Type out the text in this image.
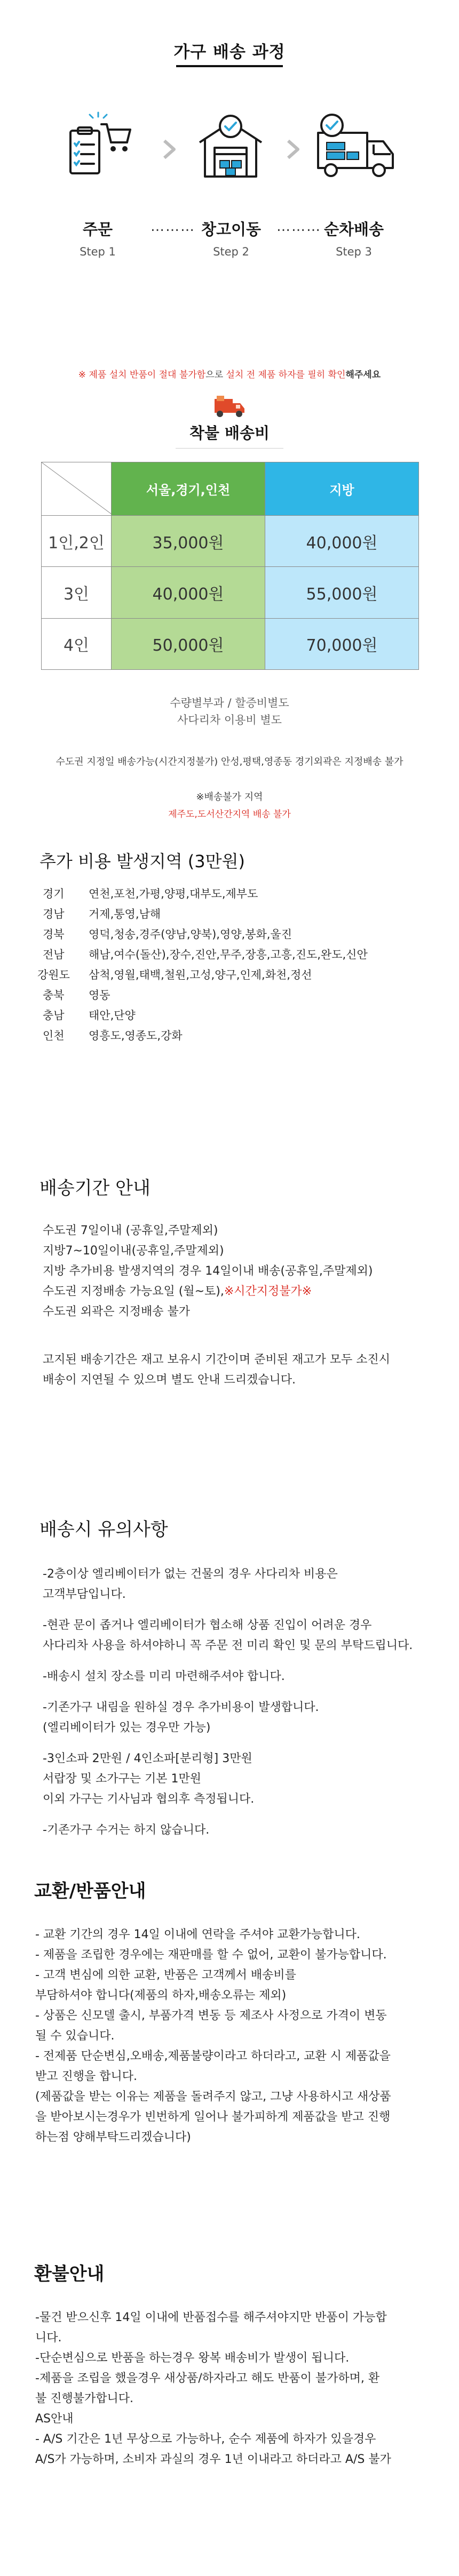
가구 배송 과정
주문
Step 1
……… 창고이동
Step 2
……… 순차배송
Step 3
※ 제품 설치 반품이 절대 불가함으로 설치 전 제품 하자를 필히 확인해주세요
착불 배송비
	서울,경기,인천	지방
1인,2인	35,000원	40,000원
3인	40,000원	55,000원
4인	50,000원	70,000원
수량별부과 / 할증비별도
사다리차 이용비 별도
수도권 지정일 배송가능(시간지정불가) 안성,평택,영종동 경기외곽은 지정배송 불가
※배송불가 지역
제주도,도서산간지역 배송 불가
추가 비용 발생지역 (3만원)
경기	연천,포천,가평,양평,대부도,제부도
경남	거제,통영,남해
경북	영덕,청송,경주(양남,양북),영양,봉화,울진
전남	해남,여수(돌산),장수,진안,무주,장흥,고흥,진도,완도,신안
강원도	삼척,영월,태백,철원,고성,양구,인제,화천,정선
충북	영동
충남	태안,단양
인천	영흥도,영종도,강화
배송기간 안내
수도권 7일이내 (공휴일,주말제외)
지방7~10일이내(공휴일,주말제외)
지방 추가비용 발생지역의 경우 14일이내 배송(공휴일,주말제외)
수도권 지정배송 가능요일 (월~토),※시간지정불가※
수도권 외곽은 지정배송 불가
고지된 배송기간은 재고 보유시 기간이며 준비된 재고가 모두 소진시
배송이 지연될 수 있으며 별도 안내 드리겠습니다.
배송시 유의사항
-2층이상 엘리베이터가 없는 건물의 경우 사다리차 비용은
고객부담입니다.
-현관 문이 좁거나 엘리베이터가 협소해 상품 진입이 어려운 경우
사다리차 사용을 하셔야하니 꼭 주문 전 미리 확인 및 문의 부탁드립니다.
-배송시 설치 장소를 미리 마련해주셔야 합니다.
-기존가구 내림을 원하실 경우 추가비용이 발생합니다.
(엘리베이터가 있는 경우만 가능)
-3인소파 2만원 / 4인소파[분리형] 3만원
서랍장 및 소가구는 기본 1만원
이외 가구는 기사님과 협의후 측정됩니다.
-기존가구 수거는 하지 않습니다.
교환/반품안내
- 교환 기간의 경우 14일 이내에 연락을 주셔야 교환가능합니다.
- 제품을 조립한 경우에는 재판매를 할 수 없어, 교환이 불가능합니다.
- 고객 변심에 의한 교환, 반품은 고객께서 배송비를
부담하셔야 합니다(제품의 하자,배송오류는 제외)
- 상품은 신모델 출시, 부품가격 변동 등 제조사 사정으로 가격이 변동
될 수 있습니다.
- 전제품 단순변심,오배송,제품불량이라고 하더라고, 교환 시 제품값을
받고 진행을 합니다.
(제품값을 받는 이유는 제품을 돌려주지 않고, 그냥 사용하시고 새상품
을 받아보시는경우가 빈번하게 일어나 불가피하게 제품값을 받고 진행
하는점 양해부탁드리겠습니다)
환불안내
-물건 받으신후 14일 이내에 반품접수를 해주셔야지만 반품이 가능합
니다.
-단순변심으로 반품을 하는경우 왕복 배송비가 발생이 됩니다.
-제품을 조립을 했을경우 새상품/하자라고 해도 반품이 불가하며, 환
불 진행불가합니다.
AS안내
- A/S 기간은 1년 무상으로 가능하나, 순수 제품에 하자가 있을경우
A/S가 가능하며, 소비자 과실의 경우 1년 이내라고 하더라고 A/S 불가
